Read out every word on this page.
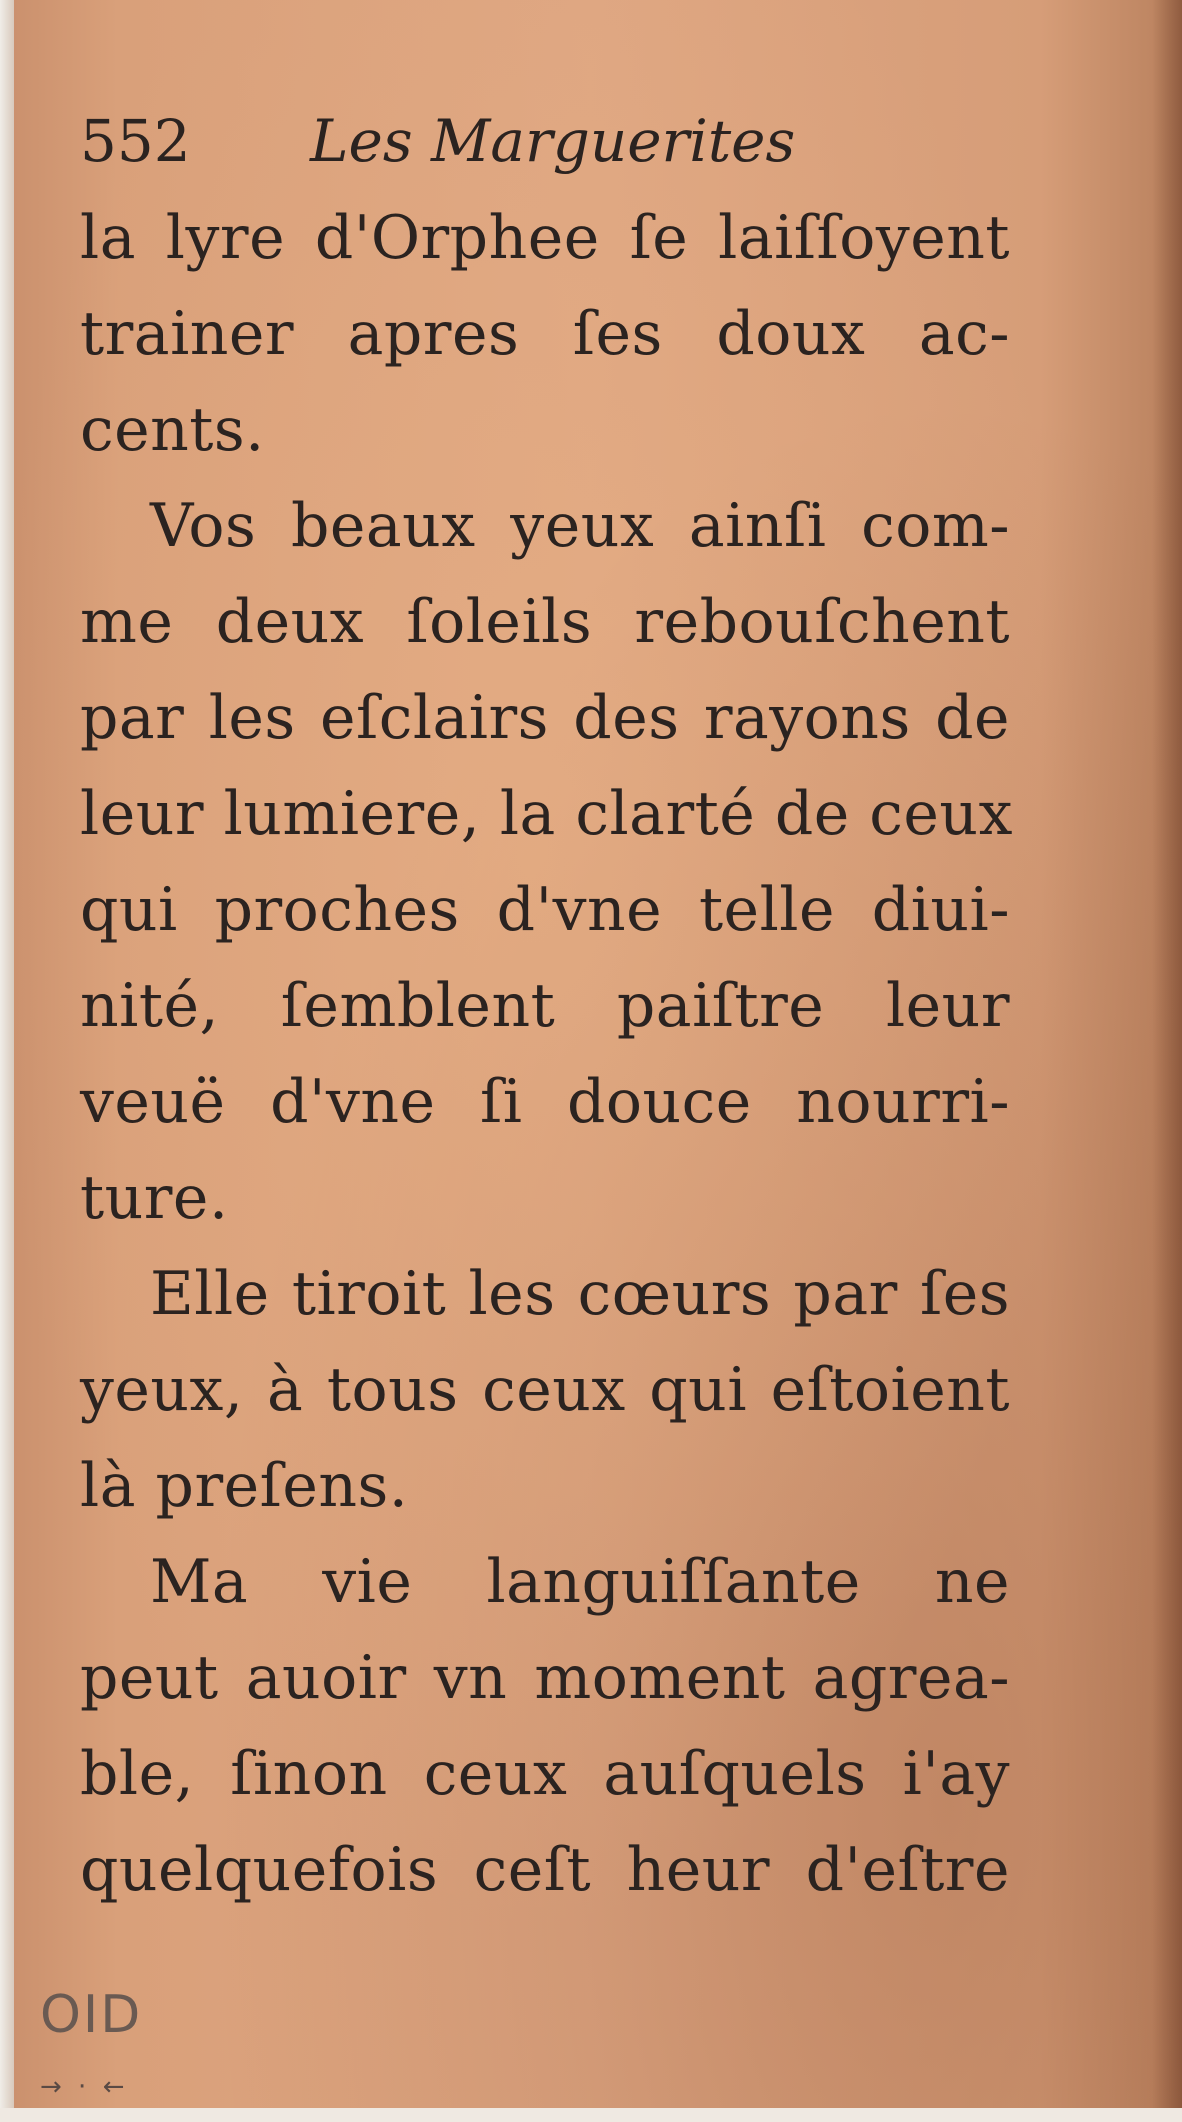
552 Les Marguerites
la lyre d'Orphee ſe laiſſoyent
trainer apres ſes doux ac-
cents.
Vos beaux yeux ainſi com-
me deux ſoleils rebouſchent
par les eſclairs des rayons de
leur lumiere, la clarté de ceux
qui proches d'vne telle diui-
nité, ſemblent paiſtre leur
veuë d'vne ſi douce nourri-
ture.
Elle tiroit les cœurs par ſes
yeux, à tous ceux qui eſtoient
là preſens.
Ma vie languiſſante ne
peut auoir vn moment agrea-
ble, ſinon ceux auſquels i'ay
quelquefois ceſt heur d'eſtre
OID
→ · ←
